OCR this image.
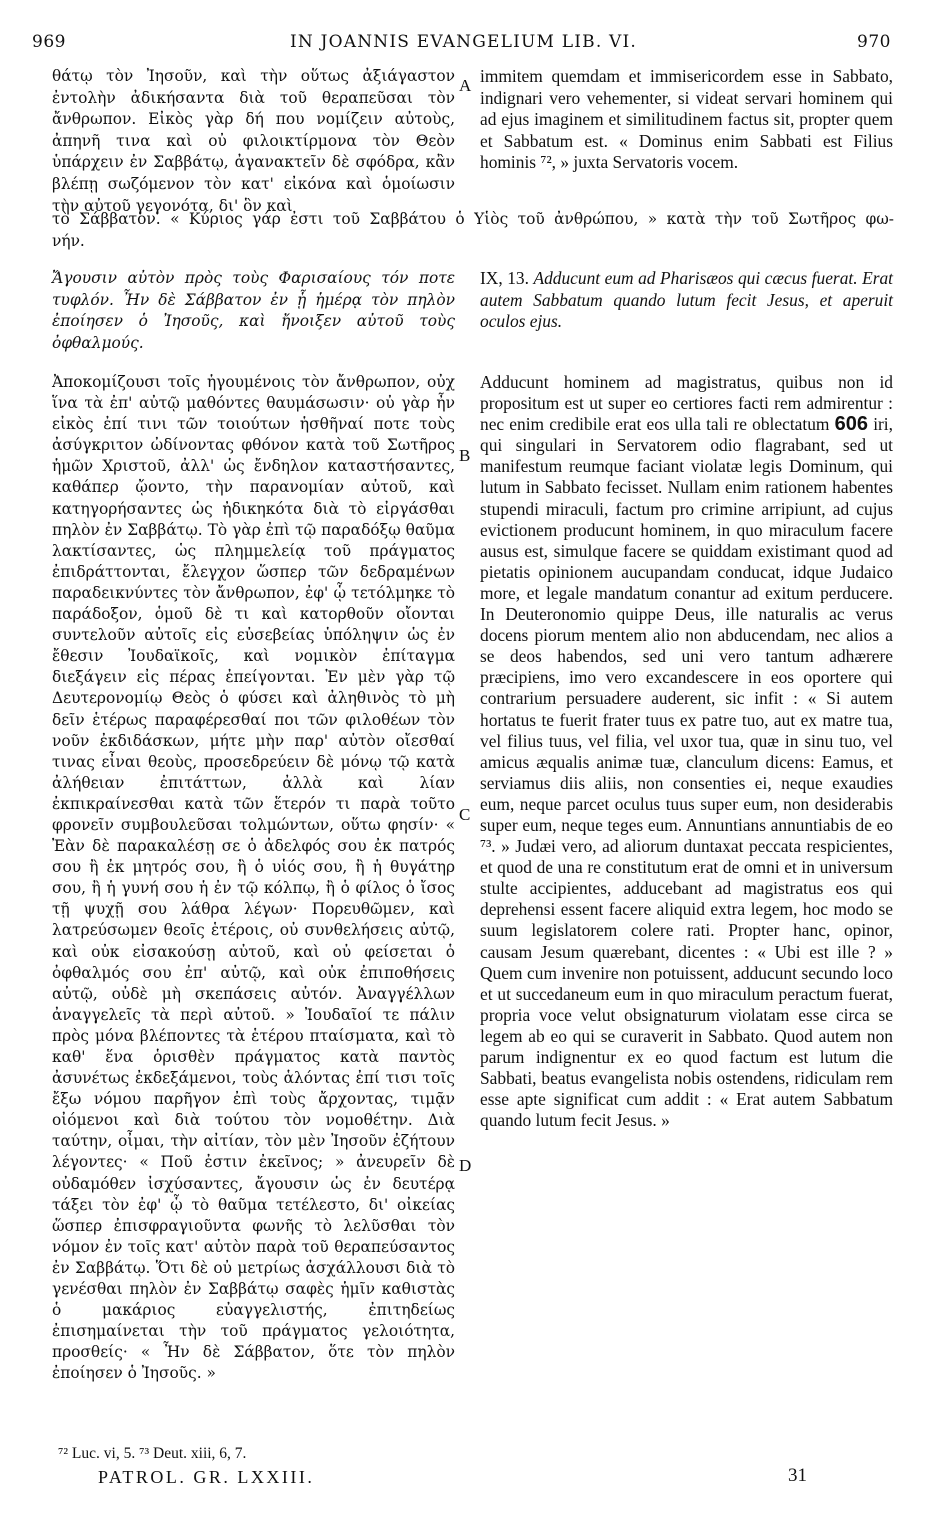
969	IN JOANNIS EVANGELIUM LIB. VI.	970

θάτῳ τὸν Ἰησοῦν, καὶ τὴν οὕτως ἀξιάγαστον ἐντολὴν ἀδικήσαντα διὰ τοῦ θεραπεῦσαι τὸν ἄνθρωπον. Εἰκὸς γὰρ δή που νομίζειν αὐτοὺς, ἀπηνῆ τινα καὶ οὐ φιλοικτίρμονα τὸν Θεὸν ὑπάρχειν ἐν Σαββάτῳ, ἀγανακτεῖν δὲ σφόδρα, κἂν βλέπῃ σωζόμενον τὸν κατ' εἰκόνα καὶ ὁμοίωσιν τὴν αὐτοῦ γεγονότα, δι' ὃν καὶ

immitem quemdam et immisericordem esse in Sabbato, indignari vero vehementer, si videat servari hominem qui ad ejus imaginem et similitudinem factus sit, propter quem et Sabbatum est. « Dominus enim Sabbati est Filius hominis ⁷², » juxta Servatoris vocem.

A
τὸ Σάββατον. « Κύριος γάρ ἐστι τοῦ Σαββάτου ὁ Υἱὸς τοῦ ἀνθρώπου, » κατὰ τὴν τοῦ Σωτῆρος φω-
νήν.

Ἄγουσιν αὐτὸν πρὸς τοὺς Φαρισαίους τόν ποτε τυφλόν. Ἦν δὲ Σάββατον ἐν ᾗ ἡμέρᾳ τὸν πηλὸν ἐποίησεν ὁ Ἰησοῦς, καὶ ἤνοιξεν αὐτοῦ τοὺς ὀφθαλμούς.

IX, 13. Adducunt eum ad Pharisæos qui cæcus fuerat. Erat autem Sabbatum quando lutum fecit Jesus, et aperuit oculos ejus.

Ἀποκομίζουσι τοῖς ἡγουμένοις τὸν ἄνθρωπον, οὐχ ἵνα τὰ ἐπ' αὐτῷ μαθόντες θαυμάσωσιν· οὐ γὰρ ἦν εἰκὸς ἐπί τινι τῶν τοιούτων ἡσθῆναί ποτε τοὺς ἀσύγκριτον ὠδίνοντας φθόνον κατὰ τοῦ Σωτῆρος ἡμῶν Χριστοῦ, ἀλλ' ὡς ἔνδηλον καταστήσαντες, καθάπερ ᾤοντο, τὴν παρανομίαν αὐτοῦ, καὶ κατηγορήσαντες ὡς ἠδικηκότα διὰ τὸ εἰργάσθαι πηλὸν ἐν Σαββάτῳ. Τὸ γὰρ ἐπὶ τῷ παραδόξῳ θαῦμα λακτίσαντες, ὡς πλημμελείᾳ τοῦ πράγματος ἐπιδράττονται, ἔλεγχον ὥσπερ τῶν δεδραμένων παραδεικνύντες τὸν ἄνθρωπον, ἐφ' ᾧ τετόλμηκε τὸ παράδοξον, ὁμοῦ δὲ τι καὶ κατορθοῦν οἴονται συντελοῦν αὐτοῖς εἰς εὐσεβείας ὑπόληψιν ὡς ἐν ἔθεσιν Ἰουδαϊκοῖς, καὶ νομικὸν ἐπίταγμα διεξάγειν εἰς πέρας ἐπείγονται. Ἐν μὲν γὰρ τῷ Δευτερονομίῳ Θεὸς ὁ φύσει καὶ ἀληθινὸς τὸ μὴ δεῖν ἑτέρως παραφέρεσθαί ποι τῶν φιλοθέων τὸν νοῦν ἐκδιδάσκων, μήτε μὴν παρ' αὐτὸν οἴεσθαί τινας εἶναι θεοὺς, προσεδρεύειν δὲ μόνῳ τῷ κατὰ ἀλήθειαν ἐπιτάττων, ἀλλὰ καὶ λίαν ἐκπικραίνεσθαι κατὰ τῶν ἕτερόν τι παρὰ τοῦτο φρονεῖν συμβουλεῦσαι τολμώντων, οὕτω φησίν· « Ἐὰν δὲ παρακαλέσῃ σε ὁ ἀδελφός σου ἐκ πατρός σου ἢ ἐκ μητρός σου, ἢ ὁ υἱός σου, ἢ ἡ θυγάτηρ σου, ἢ ἡ γυνή σου ἡ ἐν τῷ κόλπῳ, ἢ ὁ φίλος ὁ ἴσος τῇ ψυχῇ σου λάθρα λέγων· Πορευθῶμεν, καὶ λατρεύσωμεν θεοῖς ἑτέροις, οὐ συνθελήσεις αὐτῷ, καὶ οὐκ εἰσακούσῃ αὐτοῦ, καὶ οὐ φείσεται ὁ ὀφθαλμός σου ἐπ' αὐτῷ, καὶ οὐκ ἐπιποθήσεις αὐτῷ, οὐδὲ μὴ σκεπάσεις αὐτόν. Ἀναγγέλλων ἀναγγελεῖς τὰ περὶ αὐτοῦ. » Ἰουδαῖοί τε πάλιν πρὸς μόνα βλέποντες τὰ ἑτέρου πταίσματα, καὶ τὸ καθ' ἕνα ὁρισθὲν πράγματος κατὰ παντὸς ἀσυνέτως ἐκδεξάμενοι, τοὺς ἁλόντας ἐπί τισι τοῖς ἔξω νόμου παρῆγον ἐπὶ τοὺς ἄρχοντας, τιμᾷν οἰόμενοι καὶ διὰ τούτου τὸν νομοθέτην. Διὰ ταύτην, οἶμαι, τὴν αἰτίαν, τὸν μὲν Ἰησοῦν ἐζήτουν λέγοντες· « Ποῦ ἐστιν ἐκεῖνος; » ἀνευρεῖν δὲ οὐδαμόθεν ἰσχύσαντες, ἄγουσιν ὡς ἐν δευτέρᾳ τάξει τὸν ἐφ' ᾧ τὸ θαῦμα τετέλεστο, δι' οἰκείας ὥσπερ ἐπισφραγιοῦντα φωνῆς τὸ λελῦσθαι τὸν νόμον ἐν τοῖς κατ' αὐτὸν παρὰ τοῦ θεραπεύσαντος ἐν Σαββάτῳ. Ὅτι δὲ οὐ μετρίως ἀσχάλλουσι διὰ τὸ γενέσθαι πηλὸν ἐν Σαββάτῳ σαφὲς ἡμῖν καθιστὰς ὁ μακάριος εὐαγγελιστής, ἐπιτηδείως ἐπισημαίνεται τὴν τοῦ πράγματος γελοιότητα, προσθείς· « Ἦν δὲ Σάββατον, ὅτε τὸν πηλὸν ἐποίησεν ὁ Ἰησοῦς. »

Adducunt hominem ad magistratus, quibus non id propositum est ut super eo certiores facti rem admirentur : nec enim credibile erat eos ulla tali re oblectatum 606 iri, qui singulari in Servatorem odio flagrabant, sed ut manifestum reumque faciant violatæ legis Dominum, qui lutum in Sabbato fecisset. Nullam enim rationem habentes stupendi miraculi, factum pro crimine arripiunt, ad cujus evictionem producunt hominem, in quo miraculum facere ausus est, simulque facere se quiddam existimant quod ad pietatis opinionem aucupandam conducat, idque Judaico more, et legale mandatum conantur ad exitum perducere. In Deuteronomio quippe Deus, ille naturalis ac verus docens piorum mentem alio non abducendam, nec alios a se deos habendos, sed uni vero tantum adhærere præcipiens, imo vero excandescere in eos oportere qui contrarium persuadere auderent, sic infit : « Si autem hortatus te fuerit frater tuus ex patre tuo, aut ex matre tua, vel filius tuus, vel filia, vel uxor tua, quæ in sinu tuo, vel amicus æqualis animæ tuæ, clanculum dicens: Eamus, et serviamus diis aliis, non consenties ei, neque exaudies eum, neque parcet oculus tuus super eum, non desiderabis super eum, neque teges eum. Annuntians annuntiabis de eo ⁷³. » Judæi vero, ad aliorum duntaxat peccata respicientes, et quod de una re constitutum erat de omni et in universum stulte accipientes, adducebant ad magistratus eos qui deprehensi essent facere aliquid extra legem, hoc modo se suum legislatorem colere rati. Propter hanc, opinor, causam Jesum quærebant, dicentes : « Ubi est ille ? » Quem cum invenire non potuissent, adducunt secundo loco et ut succedaneum eum in quo miraculum peractum fuerat, propria voce velut obsignaturum violatam esse circa se legem ab eo qui se curaverit in Sabbato. Quod autem non parum indignentur ex eo quod factum est lutum die Sabbati, beatus evangelista nobis ostendens, ridiculam rem esse apte significat cum addit : « Erat autem Sabbatum quando lutum fecit Jesus. »

B
C
D
⁷² Luc. vi, 5. ⁷³ Deut. xiii, 6, 7.
PATROL. GR. LXXIII.	31
